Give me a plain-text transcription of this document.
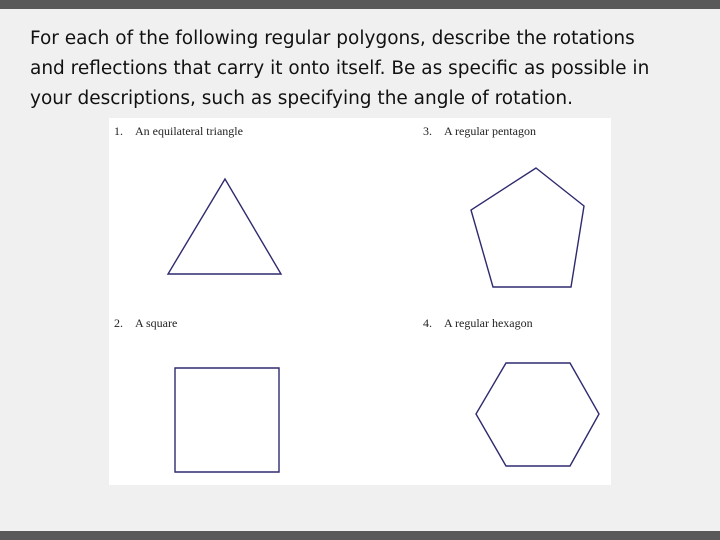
For each of the following regular polygons, describe the rotations
and reflections that carry it onto itself. Be as specific as possible in
your descriptions, such as specifying the angle of rotation.

1. An equilateral triangle
2. A square
3. A regular pentagon
4. A regular hexagon
